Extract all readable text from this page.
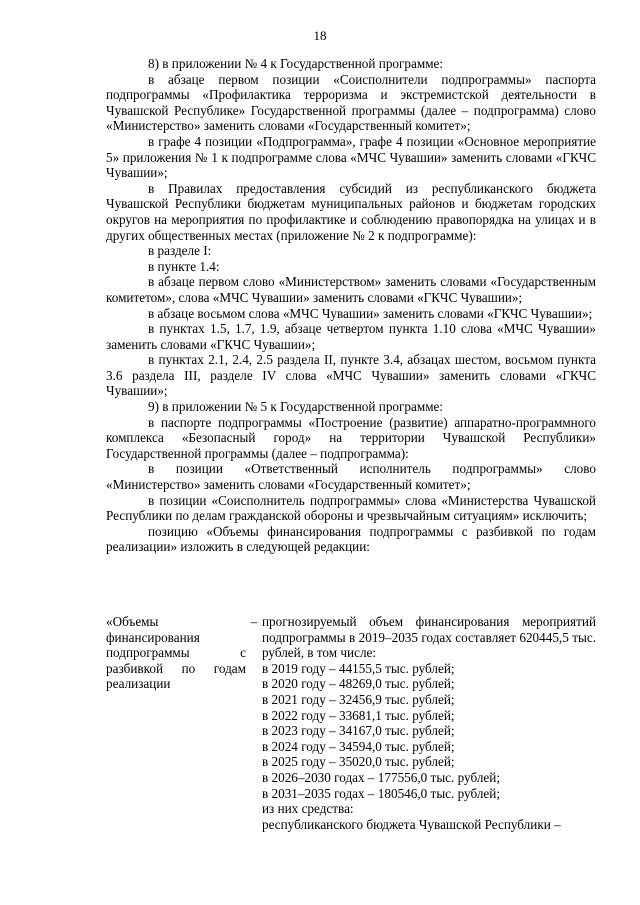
18

8) в приложении № 4 к Государственной программе:

в абзаце первом позиции «Соисполнители подпрограммы» паспорта подпрограммы «Профилактика терроризма и экстремистской деятельности в Чувашской Республике» Государственной программы (далее – подпрограмма) слово «Министерство» заменить словами «Государственный комитет»;

в графе 4 позиции «Подпрограмма», графе 4 позиции «Основное мероприятие 5» приложения № 1 к подпрограмме слова «МЧС Чувашии» заменить словами «ГКЧС Чувашии»;

в Правилах предоставления субсидий из республиканского бюджета Чувашской Республики бюджетам муниципальных районов и бюджетам городских округов на мероприятия по профилактике и соблюдению правопорядка на улицах и в других общественных местах (приложение № 2 к подпрограмме):

в разделе I:

в пункте 1.4:

в абзаце первом слово «Министерством» заменить словами «Государственным комитетом», слова «МЧС Чувашии» заменить словами «ГКЧС Чувашии»;

в абзаце восьмом слова «МЧС Чувашии» заменить словами «ГКЧС Чувашии»;

в пунктах 1.5, 1.7, 1.9, абзаце четвертом пункта 1.10 слова «МЧС Чувашии» заменить словами «ГКЧС Чувашии»;

в пунктах 2.1, 2.4, 2.5 раздела II, пункте 3.4, абзацах шестом, восьмом пункта 3.6 раздела III, разделе IV слова «МЧС Чувашии» заменить словами «ГКЧС Чувашии»;

9) в приложении № 5 к Государственной программе:

в паспорте подпрограммы «Построение (развитие) аппаратно-программного комплекса «Безопасный город» на территории Чувашской Республики» Государственной программы (далее – подпрограмма):

в позиции «Ответственный исполнитель подпрограммы» слово «Министерство» заменить словами «Государственный комитет»;

в позиции «Соисполнитель подпрограммы» слова «Министерства Чувашской Республики по делам гражданской обороны и чрезвычайным ситуациям» исключить;

позицию «Объемы финансирования подпрограммы с разбивкой по годам реализации» изложить в следующей редакции:

«Объемы финансирования подпрограммы с разбивкой по годам реализации
– прогнозируемый объем финансирования мероприятий подпрограммы в 2019–2035 годах составляет 620445,5 тыс. рублей, в том числе:
в 2019 году – 44155,5 тыс. рублей;
в 2020 году – 48269,0 тыс. рублей;
в 2021 году – 32456,9 тыс. рублей;
в 2022 году – 33681,1 тыс. рублей;
в 2023 году – 34167,0 тыс. рублей;
в 2024 году – 34594,0 тыс. рублей;
в 2025 году – 35020,0 тыс. рублей;
в 2026–2030 годах – 177556,0 тыс. рублей;
в 2031–2035 годах – 180546,0 тыс. рублей;
из них средства:
республиканского бюджета Чувашской Республики –
